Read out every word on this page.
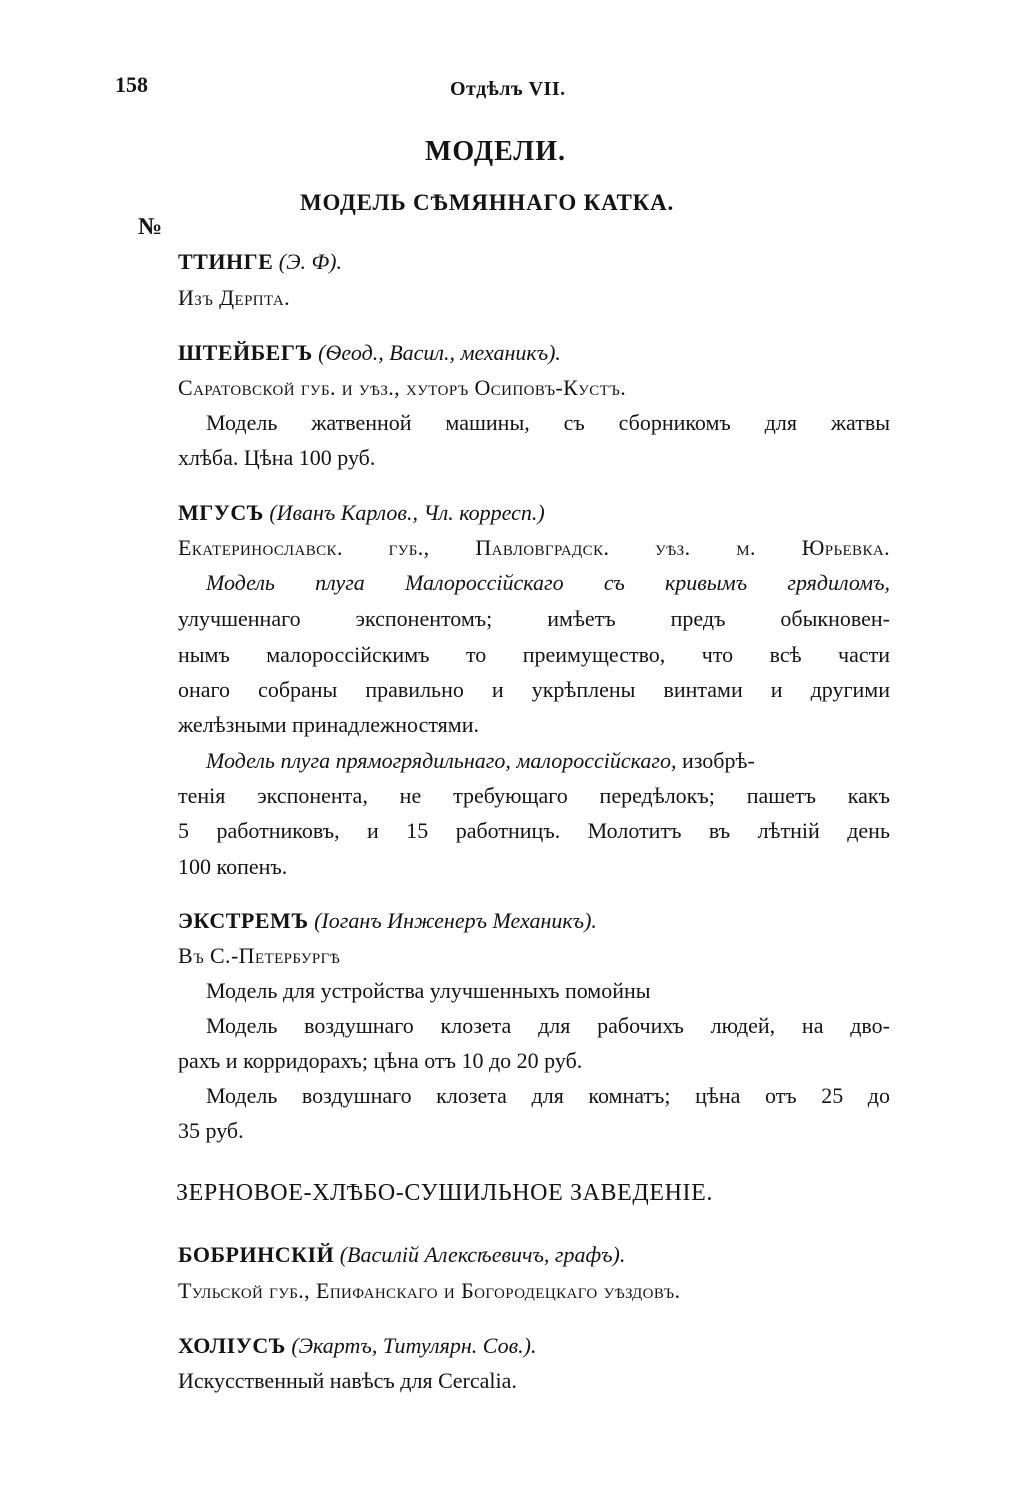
158	Отдѣлъ VII.
МОДЕЛИ.
МОДЕЛЬ СѢМЯННАГО КАТКА.
№
ТТИНГЕ (Э. Ф).
Изъ Дерпта.
ШТЕЙБЕГЪ (Ѳеод., Васил., механикъ).
Саратовской губ. и уѣз., хуторъ Осиповъ-Кустъ.
Модель жатвенной машины, съ сборникомъ для жатвы
хлѣба. Цѣна 100 руб.
МГУСЪ (Иванъ Карлов., Чл. корресп.)
Екатеринославск. губ., Павловградск. уѣз. м. Юрьевка.
Модель плуга Малороссійскаго съ кривымъ грядиломъ,
улучшеннаго экспонентомъ; имѣетъ предъ обыкновен-
нымъ малороссійскимъ то преимущество, что всѣ части
онаго собраны правильно и укрѣплены винтами и другими
желѣзными принадлежностями.
Модель плуга прямогрядильнаго, малороссійскаго, изобрѣ-
тенія экспонента, не требующаго передѣлокъ; пашетъ какъ
5 работниковъ, и 15 работницъ. Молотитъ въ лѣтній день
100 копенъ.
ЭКСТРЕМЪ (Іоганъ Инженеръ Механикъ).
Въ С.-Петербургѣ
Модель для устройства улучшенныхъ помойны
Модель воздушнаго клозета для рабочихъ людей, на дво-
рахъ и корридорахъ; цѣна отъ 10 до 20 руб.
Модель воздушнаго клозета для комнатъ; цѣна отъ 25 до
35 руб.
ЗЕРНОВОЕ-ХЛѢБО-СУШИЛЬНОЕ ЗАВЕДЕНІЕ.
БОБРИНСКІЙ (Василій Алексѣевичъ, графъ).
Тульской губ., Епифанскаго и Богородецкаго уѣздовъ.
ХОЛІУСЪ (Экартъ, Титулярн. Сов.).
Искусственный навѣсъ для Cercalia.
